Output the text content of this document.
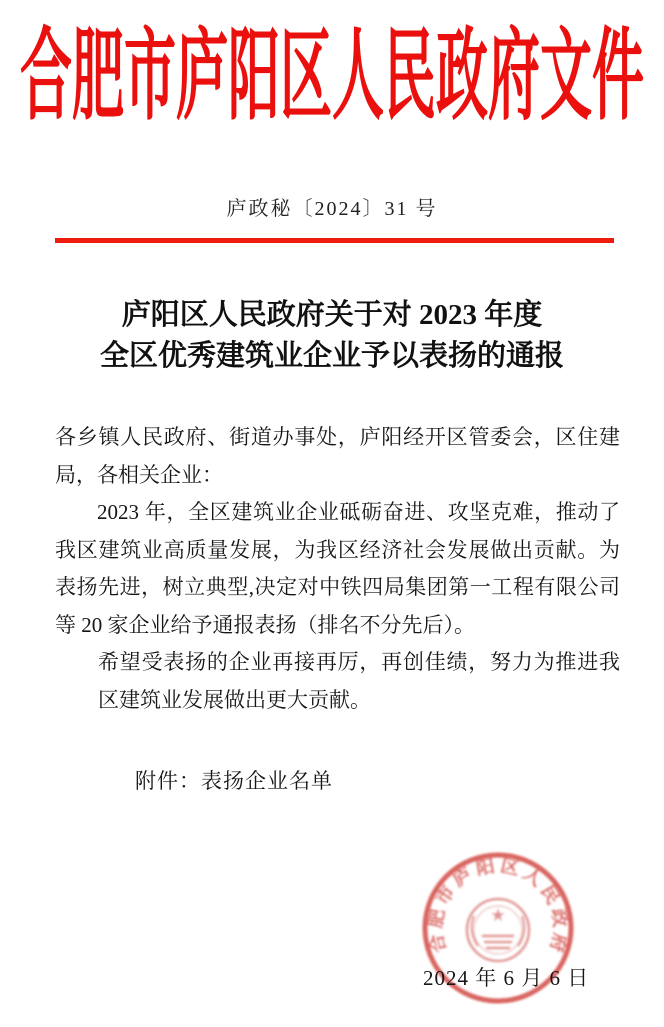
合肥市庐阳区人民政府文件
庐政秘〔2024〕31 号
庐阳区人民政府关于对 2023 年度
全区优秀建筑业企业予以表扬的通报

各乡镇人民政府、街道办事处，庐阳经开区管委会，区住建局，各相关企业：

2023 年，全区建筑业企业砥砺奋进、攻坚克难，推动了我区建筑业高质量发展，为我区经济社会发展做出贡献。为表扬先进，树立典型,决定对中铁四局集团第一工程有限公司等 20 家企业给予通报表扬（排名不分先后）。

希望受表扬的企业再接再厉，再创佳绩，努力为推进我区建筑业发展做出更大贡献。

附件：表扬企业名单
合肥市庐阳区人民政府
★
2024 年 6 月 6 日
